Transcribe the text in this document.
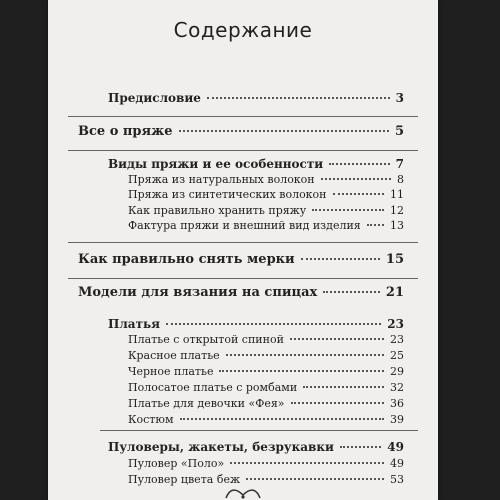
Содержание
Предисловие	3
Все о пряже	5
Виды пряжи и ее особенности	7
Пряжа из натуральных волокон	8
Пряжа из синтетических волокон	11
Как правильно хранить пряжу	12
Фактура пряжи и внешний вид изделия	13
Как правильно снять мерки	15
Модели для вязания на спицах	21
Платья	23
Платье с открытой спиной	23
Красное платье	25
Черное платье	29
Полосатое платье с ромбами	32
Платье для девочки «Фея»	36
Костюм	39
Пуловеры, жакеты, безрукавки	49
Пуловер «Поло»	49
Пуловер цвета беж	53
